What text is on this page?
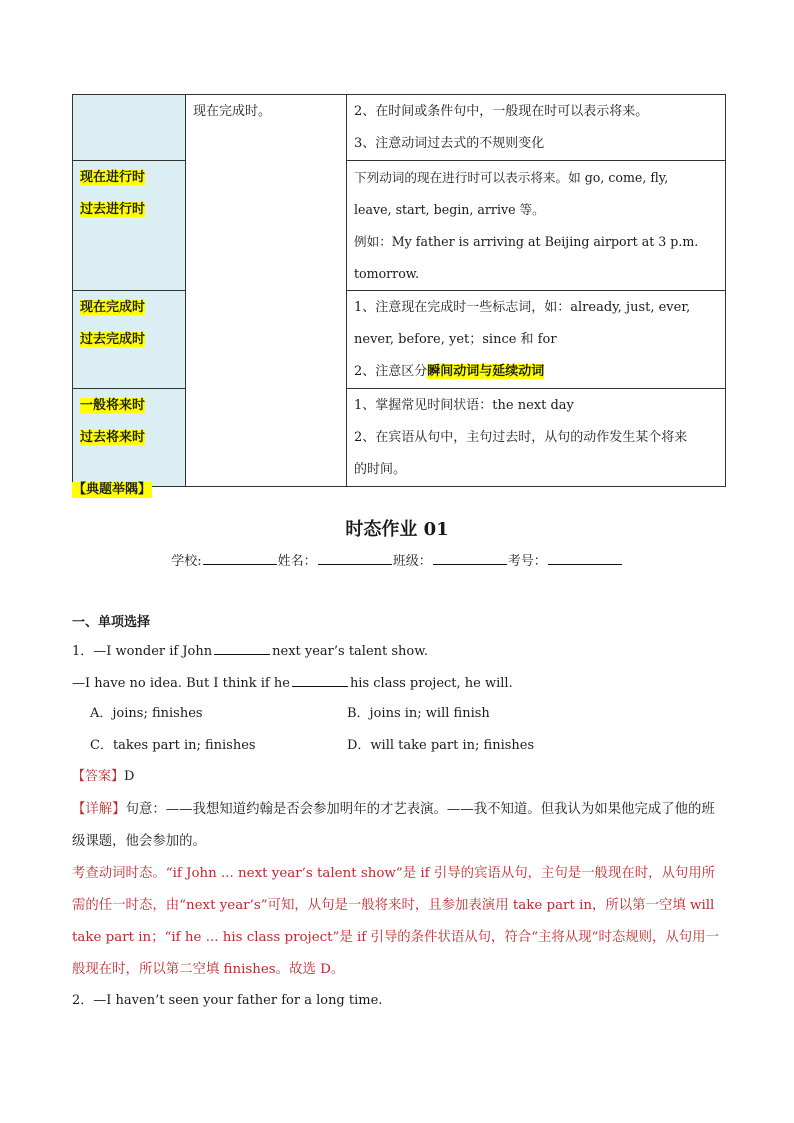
	现在完成时。	2、在时间或条件句中，一般现在时可以表示将来。
3、注意动词过去式的不规则变化

现在进行时
过去进行时		下列动词的现在进行时可以表示将来。如 go, come, fly,
leave, start, begin, arrive 等。
例如：My father is arriving at Beijing airport at 3 p.m. tomorrow.

现在完成时
过去完成时		1、注意现在完成时一些标志词，如：already, just, ever,
never, before, yet；since 和 for
2、注意区分瞬间动词与延续动词

一般将来时
过去将来时		1、掌握常见时间状语：the next day
2、在宾语从句中，主句过去时，从句的动作发生某个将来
的时间。
【典题举隅】
时态作业 01
学校:	姓名：	班级：	考号：
一、单项选择
1．—I wonder if John	next year’s talent show.
—I have no idea. But I think if he	his class project, he will.
A．joins; finishes	B．joins in; will finish
C．takes part in; finishes	D．will take part in; finishes
【答案】D
【详解】句意：——我想知道约翰是否会参加明年的才艺表演。——我不知道。但我认为如果他完成了他的班级课题，他会参加的。
考查动词时态。“if John ... next year’s talent show”是 if 引导的宾语从句，主句是一般现在时，从句用所需的任一时态，由“next year’s”可知，从句是一般将来时，且参加表演用 take part in，所以第一空填 will take part in；“if he ... his class project”是 if 引导的条件状语从句，符合“主将从现”时态规则，从句用一般现在时，所以第二空填 finishes。故选 D。
2．—I haven’t seen your father for a long time.
